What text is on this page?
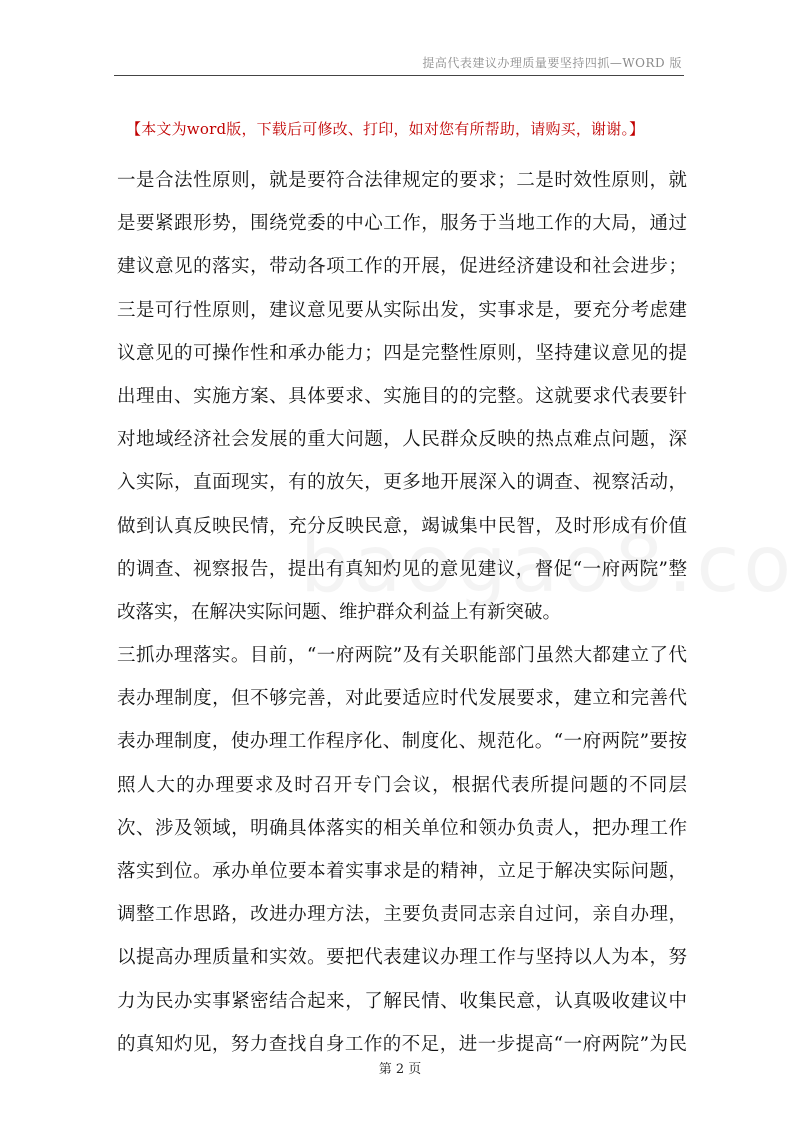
提高代表建议办理质量要坚持四抓—WORD 版
【本文为word版，下载后可修改、打印，如对您有所帮助，请购买，谢谢。】
一是合法性原则，就是要符合法律规定的要求；二是时效性原则，就
是要紧跟形势，围绕党委的中心工作，服务于当地工作的大局，通过
建议意见的落实，带动各项工作的开展，促进经济建设和社会进步；
三是可行性原则，建议意见要从实际出发，实事求是，要充分考虑建
议意见的可操作性和承办能力；四是完整性原则，坚持建议意见的提
出理由、实施方案、具体要求、实施目的的完整。这就要求代表要针
对地域经济社会发展的重大问题，人民群众反映的热点难点问题，深
入实际，直面现实，有的放矢，更多地开展深入的调查、视察活动，
做到认真反映民情，充分反映民意，竭诚集中民智，及时形成有价值
的调查、视察报告，提出有真知灼见的意见建议，督促“一府两院”整
改落实，在解决实际问题、维护群众利益上有新突破。
三抓办理落实。目前，“一府两院”及有关职能部门虽然大都建立了代
表办理制度，但不够完善，对此要适应时代发展要求，建立和完善代
表办理制度，使办理工作程序化、制度化、规范化。“一府两院”要按
照人大的办理要求及时召开专门会议，根据代表所提问题的不同层
次、涉及领域，明确具体落实的相关单位和领办负责人，把办理工作
落实到位。承办单位要本着实事求是的精神，立足于解决实际问题，
调整工作思路，改进办理方法，主要负责同志亲自过问，亲自办理，
以提高办理质量和实效。要把代表建议办理工作与坚持以人为本，努
力为民办实事紧密结合起来，了解民情、收集民意，认真吸收建议中
的真知灼见，努力查找自身工作的不足，进一步提高“一府两院”为民
第 2 页
